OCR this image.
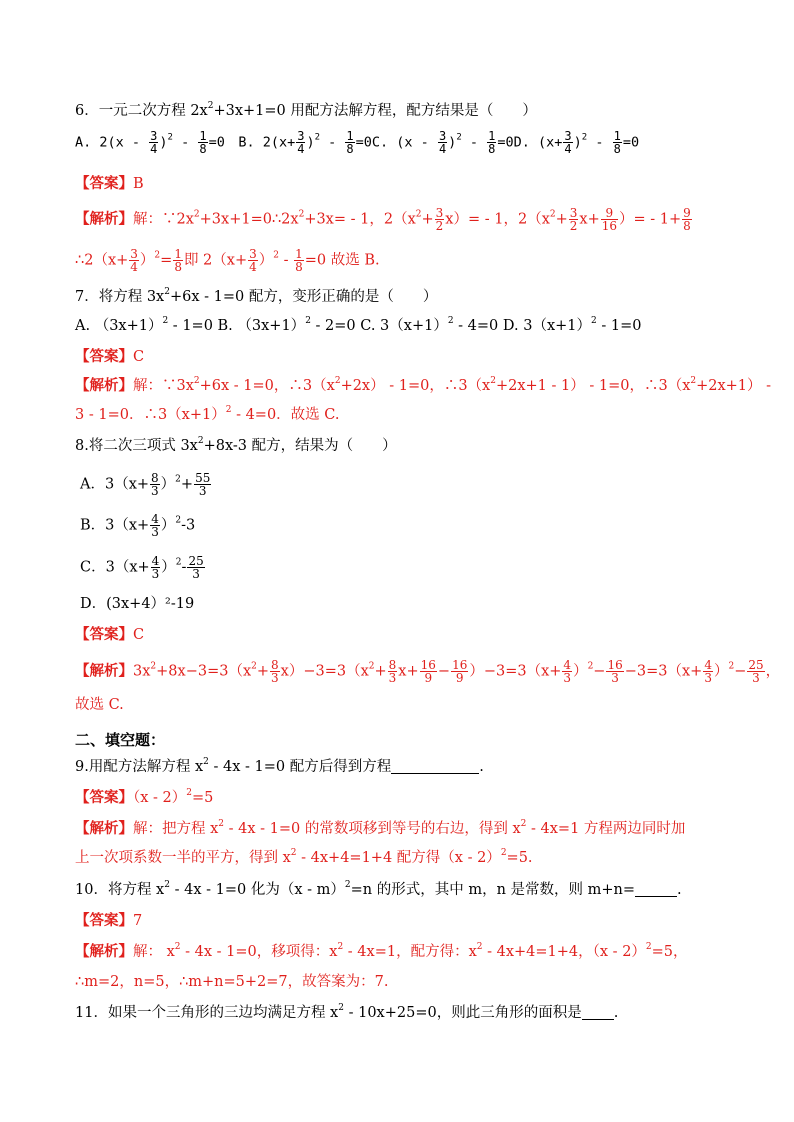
6．一元二次方程 $2x^2+3x+1=0$ 用配方法解方程，配方结果是（　　）
A. $2(x - \frac{3}{4} )^2 - \frac{1}{8} =0$　B. $2(x+ \frac{3}{4} )^2 - \frac{1}{8} =0C$. $(x - \frac{3}{4} )^2 - \frac{1}{8} =0D$. $(x+ \frac{3}{4} )^2 - \frac{1}{8} =0$
【答案】B
【解析】解：$\because 2x^2+3x+1=0\therefore 2x^2+3x= - 1$，$2(x^2+ \frac{3}{2} x)= - 1$，$2(x^2+ \frac{3}{2} x+ \frac{9}{16}$ ）= - $1+ \frac{9}{8}$
∴2（x+ $\frac{3}{4} )^2= \frac{1}{8}$ 即 $2(x+ \frac{3}{4} )^2 - \frac{1}{8} =0$ 故选 B.
7．将方程 $3x^2+6x - 1=0$ 配方，变形正确的是（　　）
A. $(3x+1)^2 - 1=0$ B. $(3x+1)^2 - 2=0$ C. $3(x+1)^2 - 4=0$ D. $3(x+1)^2 - 1=0$
【答案】C
【解析】解：$\because 3x^2+6x - 1=0$，$\therefore 3(x^2+2x) - 1=0$，$\therefore 3(x^2+2x+1 - 1) - 1=0$，$\therefore 3(x^2+2x+1)$ -
3 - 1=0．$\therefore 3(x+1)^2 - 4=0$．故选 C.
8.将二次三项式 $3x^2+8x-3$ 配方，结果为（　　）
A．$3(x+ \frac{8}{3} )^2+ \frac{55}{3}$
B．$3(x+ \frac{4}{3} )^2-3$
C．$3(x+ \frac{4}{3} )^2- \frac{25}{3}$
D．(3x+4）²-19
【答案】C
【解析】$3x^2+8x-3=3(x^2+ \frac{8}{3} x)-3=3(x^2+ \frac{8}{3} x+ \frac{16}{9} - \frac{16}{9} )-3=3(x+ \frac{4}{3} )^2- \frac{16}{3} -3=3(x+ \frac{4}{3} )^2- \frac{25}{3}$ ，
故选 C.
二、填空题：
9.用配方法解方程 $x^2 - 4x - 1=0$ 配方后得到方程	.
【答案】（x - 2）$^2$=5
【解析】解：把方程 $x^2 - 4x - 1=0$ 的常数项移到等号的右边，得到 $x^2 - 4x=1$ 方程两边同时加
上一次项系数一半的平方，得到 $x^2 - 4x+4=1+4$ 配方得（x - 2）$^2$=5.
10．将方程 $x^2 - 4x - 1=0$ 化为（x - m）$^2$=n 的形式，其中 m，n 是常数，则 m+n=	.
【答案】7
【解析】解： $x^2 - 4x - 1=0$，移项得：$x^2 - 4x=1$，配方得：$x^2 - 4x+4=1+4$，（x - 2）$^2$=5，
∴m=2，n=5，∴m+n=5+2=7，故答案为：7.
11．如果一个三角形的三边均满足方程 $x^2 - 10x+25=0$，则此三角形的面积是 .
